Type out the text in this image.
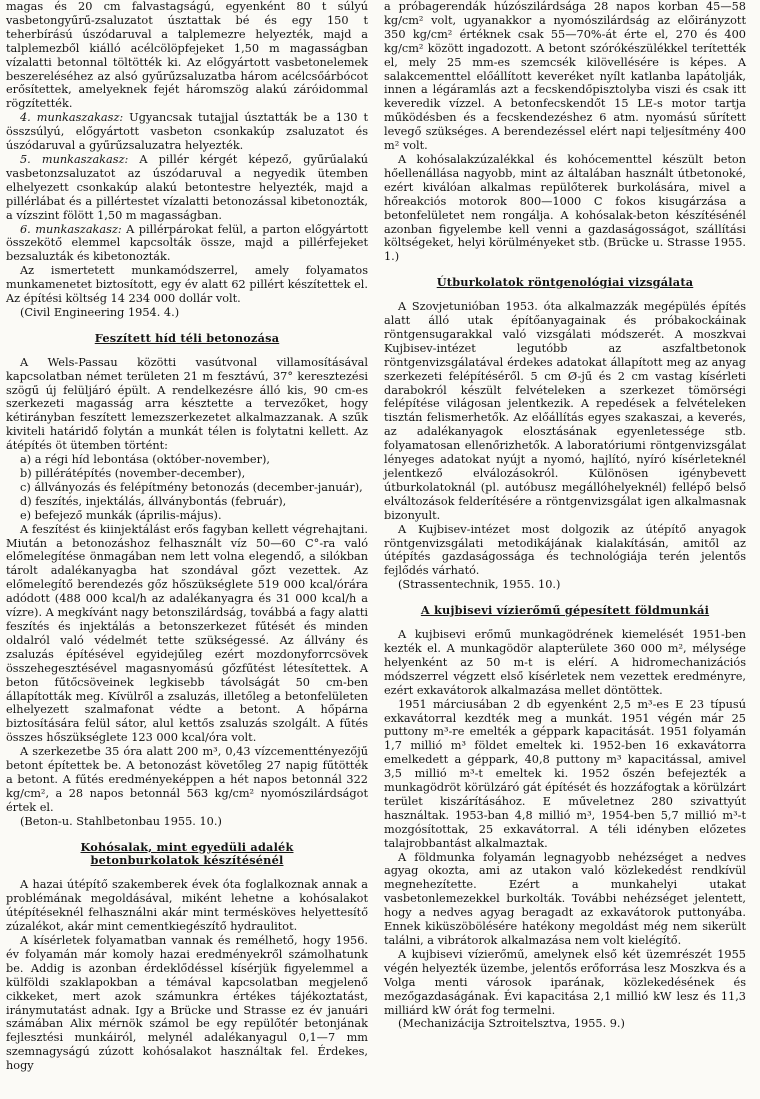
magas és 20 cm falvastagságú, egyenként 80 t súlyú vasbetongyűrű-zsaluzatot úsztattak bé és egy 150 t teherbírású úszódaruval a talplemezre helyezték, majd a talplemezből kiálló acélcölöpfejeket 1,50 m magasságban vízalatti betonnal töltötték ki. Az előgyártott vasbetonelemek beszereléséhez az alsó gyűrűzsaluzatba három acélcsőárbócot erősítettek, amelyeknek fejét háromszög alakú záróidommal rögzítették.

4. munkaszakasz: Ugyancsak tutajjal úsztatták be a 130 t összsúlyú, előgyártott vasbeton csonkakúp zsaluzatot és úszódaruval a gyűrűzsaluzatra helyezték.

5. munkaszakasz: A pillér kérgét képező, gyűrűalakú vasbetonzsaluzatot az úszódaruval a negyedik ütemben elhelyezett csonkakúp alakú betontestre helyezték, majd a pillérlábat és a pillértestet vízalatti betonozással kibetonozták, a vízszint fölött 1,50 m magasságban.

6. munkaszakasz: A pillérpárokat felül, a parton előgyártott összekötő elemmel kapcsolták össze, majd a pillérfejeket bezsaluzták és kibetonozták.

Az ismertetett munkamódszerrel, amely folyamatos munkamenetet biztosított, egy év alatt 62 pillért készítettek el. Az építési költség 14 234 000 dollár volt.

(Civil Engineering 1954. 4.)

Feszített híd téli betonozása

A Wels-Passau közötti vasútvonal villamosításával kapcsolatban német területen 21 m fesztávú, 37° keresztezési szögű új felüljáró épült. A rendelkezésre álló kis, 90 cm-es szerkezeti magasság arra késztette a tervezőket, hogy kétirányban feszített lemezszerkezetet alkalmazzanak. A szűk kiviteli határidő folytán a munkát télen is folytatni kellett. Az átépítés öt ütemben történt:

a) a régi híd lebontása (október-november),

b) pillérátépítés (november-december),

c) állványozás és felépítmény betonozás (december-január),

d) feszítés, injektálás, állványbontás (február),

e) befejező munkák (április-május).

A feszítést és kiinjektálást erős fagyban kellett végrehajtani. Miután a betonozáshoz felhasznált víz 50—60 C°-ra való előmelegítése önmagában nem lett volna elegendő, a silókban tárolt adalékanyagba hat szondával gőzt vezettek. Az előmelegítő berendezés gőz hőszükséglete 519 000 kcal/órára adódott (488 000 kcal/h az adalékanyagra és 31 000 kcal/h a vízre). A megkívánt nagy betonszilárdság, továbbá a fagy alatti feszítés és injektálás a betonszerkezet fűtését és minden oldalról való védelmét tette szükségessé. Az állvány és zsaluzás építésével egyidejűleg ezért mozdonyforrcsövek összehegesztésével magasnyomású gőzfűtést létesítettek. A beton fűtőcsöveinek legkisebb távolságát 50 cm-ben állapították meg. Kívülről a zsaluzás, illetőleg a betonfelületen elhelyezett szalmafonat védte a betont. A hőpárna biztosítására felül sátor, alul kettős zsaluzás szolgált. A fűtés összes hőszükséglete 123 000 kcal/óra volt.

A szerkezetbe 35 óra alatt 200 m³, 0,43 vízcementtényezőjű betont építettek be. A betonozást követőleg 27 napig fűtötték a betont. A fűtés eredményeképpen a hét napos betonnál 322 kg/cm², a 28 napos betonnál 563 kg/cm² nyomószilárdságot értek el.

(Beton-u. Stahlbetonbau 1955. 10.)

Kohósalak, mint egyedüli adalék
betonburkolatok készítésénél

A hazai útépítő szakemberek évek óta foglalkoznak annak a problémának megoldásával, miként lehetne a kohósalakot útépítéseknél felhasználni akár mint termésköves helyettesítő zúzalékot, akár mint cementkiegészítő hydraulitot.

A kísérletek folyamatban vannak és remélhető, hogy 1956. év folyamán már komoly hazai eredményekről számolhatunk be. Addig is azonban érdeklődéssel kísérjük figyelemmel a külföldi szaklapokban a témával kapcsolatban megjelenő cikkeket, mert azok számunkra értékes tájékoztatást, iránymutatást adnak. Igy a Brücke und Strasse ez év januári számában Alix mérnök számol be egy repülőtér betonjának fejlesztési munkáiról, melynél adalékanyagul 0,1—7 mm szemnagyságú zúzott kohósalakot használtak fel. Érdekes, hogy

a próbagerendák húzószilárdsága 28 napos korban 45—58 kg/cm² volt, ugyanakkor a nyomószilárdság az előirányzott 350 kg/cm² értéknek csak 55—70%-át érte el, 270 és 400 kg/cm² között ingadozott. A betont szórókészülékkel terítették el, mely 25 mm-es szemcsék kilövellésére is képes. A salakcementtel előállított keveréket nyílt katlanba lapátolják, innen a légáramlás azt a fecskendőpisztolyba viszi és csak itt keveredik vízzel. A betonfecskendőt 15 LE-s motor tartja működésben és a fecskendezéshez 6 atm. nyomású sűrített levegő szükséges. A berendezéssel elért napi teljesítmény 400 m² volt.

A kohósalakzúzalékkal és kohócementtel készült beton hőellenállása nagyobb, mint az általában használt útbetonoké, ezért kiválóan alkalmas repülőterek burkolására, mivel a hőreakciós motorok 800—1000 C fokos kisugárzása a betonfelületet nem rongálja. A kohósalak-beton készítésénél azonban figyelembe kell venni a gazdaságosságot, szállítási költségeket, helyi körülményeket stb. (Brücke u. Strasse 1955. 1.)

Útburkolatok röntgenológiai vizsgálata

A Szovjetunióban 1953. óta alkalmazzák megépülés építés alatt álló utak építőanyagainak és próbakockáinak röntgensugarakkal való vizsgálati módszerét. A moszkvai Kujbisev-intézet legutóbb az aszfaltbetonok röntgenvizsgálatával érdekes adatokat állapított meg az anyag szerkezeti felépítéséről. 5 cm Ø-jű és 2 cm vastag kísérleti darabokról készült felvételeken a szerkezet tömörségi felépítése világosan jelentkezik. A repedések a felvételeken tisztán felismerhetők. Az előállítás egyes szakaszai, a keverés, az adalékanyagok elosztásának egyenletessége stb. folyamatosan ellenőrizhetők. A laboratóriumi röntgenvizsgálat lényeges adatokat nyújt a nyomó, hajlító, nyíró kísérleteknél jelentkező elválozásokról. Különösen igénybevett útburkolatoknál (pl. autóbusz megállóhelyeknél) fellépő belső elváltozások felderítésére a röntgenvizsgálat igen alkalmasnak bizonyult.

A Kujbisev-intézet most dolgozik az útépítő anyagok röntgenvizsgálati metodikájának kialakításán, amitől az útépítés gazdaságossága és technológiája terén jelentős fejlődés várható.

(Strassentechnik, 1955. 10.)

A kujbisevi vízierőmű gépesített földmunkái

A kujbisevi erőmű munkagödrének kiemelését 1951-ben kezték el. A munkagödör alapterülete 360 000 m², mélysége helyenként az 50 m-t is elérí. A hidromechanizációs módszerrel végzett első kísérletek nem vezettek eredményre, ezért exkavátorok alkalmazása mellet döntöttek.

1951 márciusában 2 db egyenként 2,5 m³-es E 23 típusú exkavátorral kezdték meg a munkát. 1951 végén már 25 puttony m³-re emelték a géppark kapacitását. 1951 folyamán 1,7 millió m³ földet emeltek ki. 1952-ben 16 exkavátorra emelkedett a géppark, 40,8 puttony m³ kapacitással, amivel 3,5 millió m³-t emeltek ki. 1952 őszén befejezték a munkagödröt körülzáró gát építését és hozzáfogtak a körülzárt terület kiszárításához. E műveletnez 280 szivattyút használtak. 1953-ban 4,8 millió m³, 1954-ben 5,7 millió m³-t mozgósítottak, 25 exkavátorral. A téli idényben előzetes talajrobbantást alkalmaztak.

A földmunka folyamán legnagyobb nehézséget a nedves agyag okozta, ami az utakon való közlekedést rendkívül megnehezítette. Ezért a munkahelyi utakat vasbetonlemezekkel burkolták. További nehézséget jelentett, hogy a nedves agyag beragadt az exkavátorok puttonyába. Ennek kiküszöbölésére hatékony megoldást még nem sikerült találni, a vibrátorok alkalmazása nem volt kielégítő.

A kujbisevi vízierőmű, amelynek első két üzemrészét 1955 végén helyezték üzembe, jelentős erőforrása lesz Moszkva és a Volga menti városok iparának, közlekedésének és mezőgazdaságának. Évi kapacitása 2,1 millió kW lesz és 11,3 milliárd kW órát fog termelni.

(Mechanizácija Sztroitelsztva, 1955. 9.)
